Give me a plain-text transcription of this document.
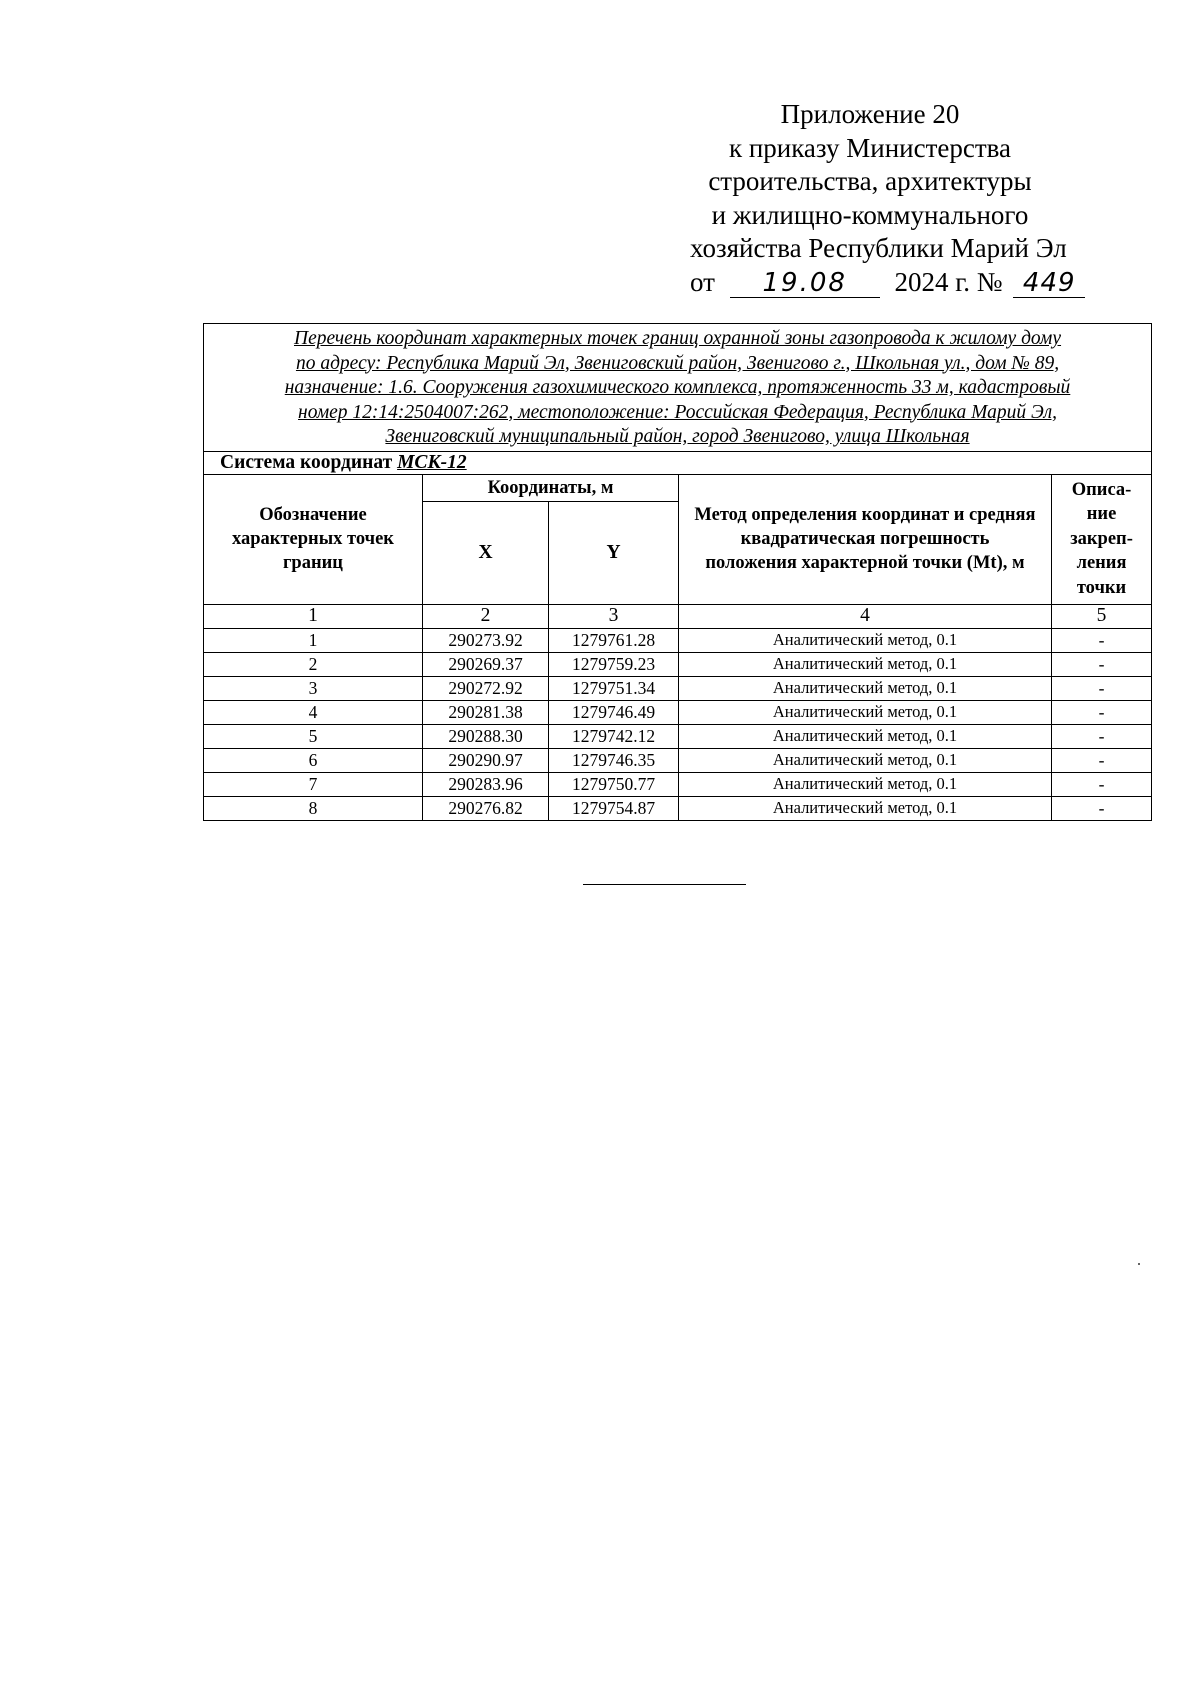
Приложение 20
к приказу Министерства
строительства, архитектуры
и жилищно-коммунального
хозяйства Республики Марий Эл
от 19.08 2024 г. № 449
Перечень координат характерных точек границ охранной зоны газопровода к жилому дому
по адресу: Республика Марий Эл, Звениговский район, Звенигово г., Школьная ул., дом № 89,
назначение: 1.6. Сооружения газохимического комплекса, протяженность 33 м, кадастровый
номер 12:14:2504007:262, местоположение: Российская Федерация, Республика Марий Эл,
Звениговский муниципальный район, город Звенигово, улица Школьная				

Система координат МСК-12				
Обозначение характерных точек границ	Координаты, м		Метод определения координат и средняя квадратическая погрешность положения характерной точки (Mt), м	Описа-
ние
закреп-
ления
точки

	X	Y		
1	2	3	4	5
1	290273.92	1279761.28	Аналитический метод, 0.1	-
2	290269.37	1279759.23	Аналитический метод, 0.1	-
3	290272.92	1279751.34	Аналитический метод, 0.1	-
4	290281.38	1279746.49	Аналитический метод, 0.1	-
5	290288.30	1279742.12	Аналитический метод, 0.1	-
6	290290.97	1279746.35	Аналитический метод, 0.1	-
7	290283.96	1279750.77	Аналитический метод, 0.1	-
8	290276.82	1279754.87	Аналитический метод, 0.1	-
